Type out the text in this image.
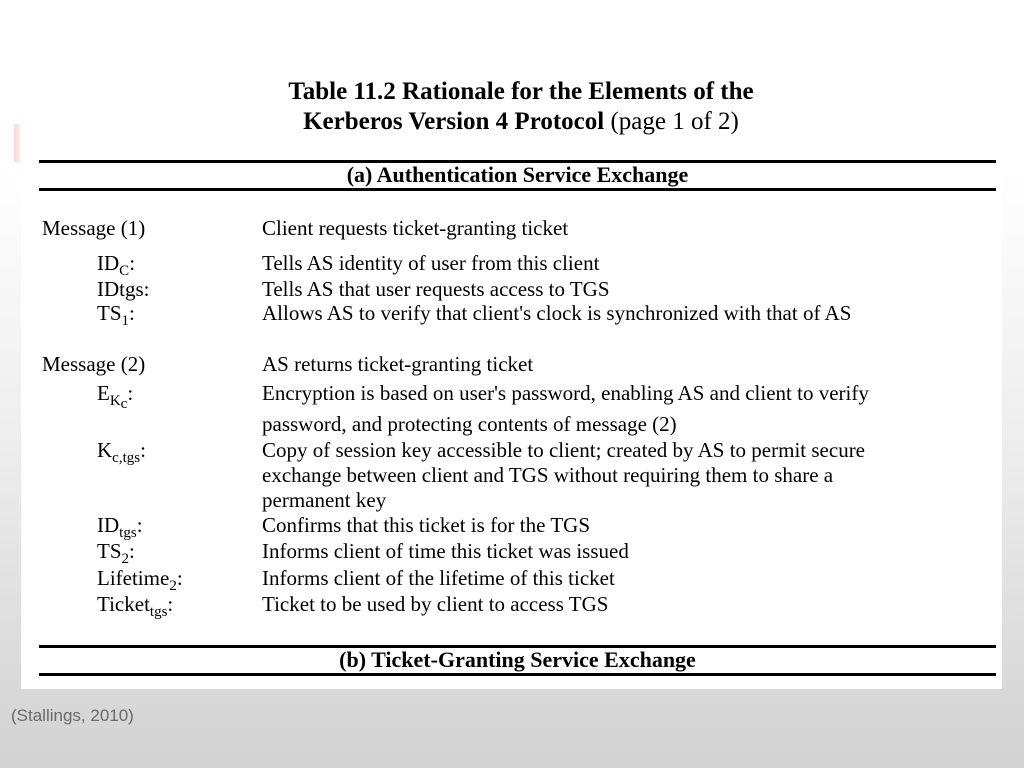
Table 11.2 Rationale for the Elements of the
Kerberos Version 4 Protocol (page 1 of 2)
(a) Authentication Service Exchange
Message (1)	Client requests ticket-granting ticket
$ID_C$:	Tells AS identity of user from this client
IDtgs:	Tells AS that user requests access to TGS
$TS_1$:	Allows AS to verify that client's clock is synchronized with that of AS
Message (2)	AS returns ticket-granting ticket
$E_{K_c}$:	Encryption is based on user's password, enabling AS and client to verify
password, and protecting contents of message (2)
$K_{c,tgs}$:	Copy of session key accessible to client; created by AS to permit secure
exchange between client and TGS without requiring them to share a
permanent key
$ID_{tgs}$:	Confirms that this ticket is for the TGS
$TS_2$:	Informs client of time this ticket was issued
Lifetime$_2$:	Informs client of the lifetime of this ticket
Ticket$_{tgs}$:	Ticket to be used by client to access TGS
(b) Ticket-Granting Service Exchange
(Stallings, 2010)
